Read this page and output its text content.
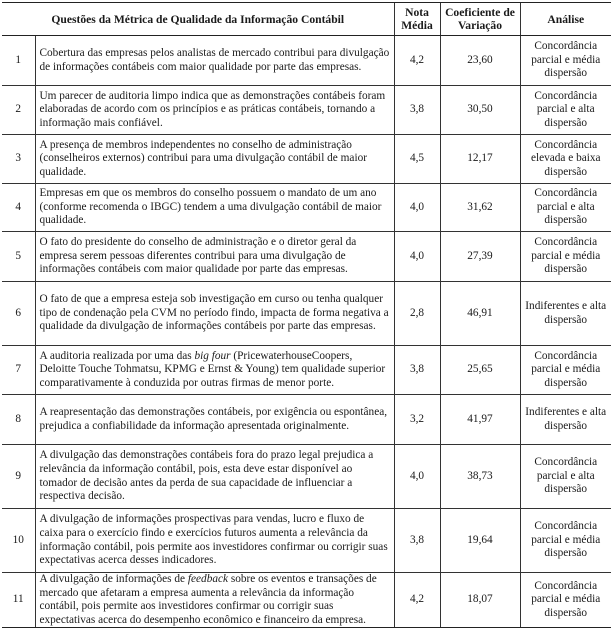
Questões da Métrica de Qualidade da Informação Contábil		Nota Média	Coeficiente de Variação	Análise
1	Cobertura das empresas pelos analistas de mercado contribui para divulgação de informações contábeis com maior qualidade por parte das empresas.	4,2	23,60	Concordância parcial e média dispersão
2	Um parecer de auditoria limpo indica que as demonstrações contábeis foram elaboradas de acordo com os princípios e as práticas contábeis, tornando a informação mais confiável.	3,8	30,50	Concordância parcial e alta dispersão
3	A presença de membros independentes no conselho de administração (conselheiros externos) contribui para uma divulgação contábil de maior qualidade.	4,5	12,17	Concordância elevada e baixa dispersão
4	Empresas em que os membros do conselho possuem o mandato de um ano (conforme recomenda o IBGC) tendem a uma divulgação contábil de maior qualidade.	4,0	31,62	Concordância parcial e alta dispersão
5	O fato do presidente do conselho de administração e o diretor geral da empresa serem pessoas diferentes contribui para uma divulgação de informações contábeis com maior qualidade por parte das empresas.	4,0	27,39	Concordância parcial e média dispersão
6	O fato de que a empresa esteja sob investigação em curso ou tenha qualquer tipo de condenação pela CVM no período findo, impacta de forma negativa a qualidade da divulgação de informações contábeis por parte das empresas.	2,8	46,91	Indiferentes e alta dispersão
7	A auditoria realizada por uma das big four (PricewaterhouseCoopers, Deloitte Touche Tohmatsu, KPMG e Ernst & Young) tem qualidade superior comparativamente à conduzida por outras firmas de menor porte.	3,8	25,65	Concordância parcial e média dispersão
8	A reapresentação das demonstrações contábeis, por exigência ou espontânea, prejudica a confiabilidade da informação apresentada originalmente.	3,2	41,97	Indiferentes e alta dispersão
9	A divulgação das demonstrações contábeis fora do prazo legal prejudica a relevância da informação contábil, pois, esta deve estar disponível ao tomador de decisão antes da perda de sua capacidade de influenciar a respectiva decisão.	4,0	38,73	Concordância parcial e alta dispersão
10	A divulgação de informações prospectivas para vendas, lucro e fluxo de caixa para o exercício findo e exercícios futuros aumenta a relevância da informação contábil, pois permite aos investidores confirmar ou corrigir suas expectativas acerca desses indicadores.	3,8	19,64	Concordância parcial e média dispersão
11	A divulgação de informações de feedback sobre os eventos e transações de mercado que afetaram a empresa aumenta a relevância da informação contábil, pois permite aos investidores confirmar ou corrigir suas expectativas acerca do desempenho econômico e financeiro da empresa.	4,2	18,07	Concordância parcial e média dispersão
